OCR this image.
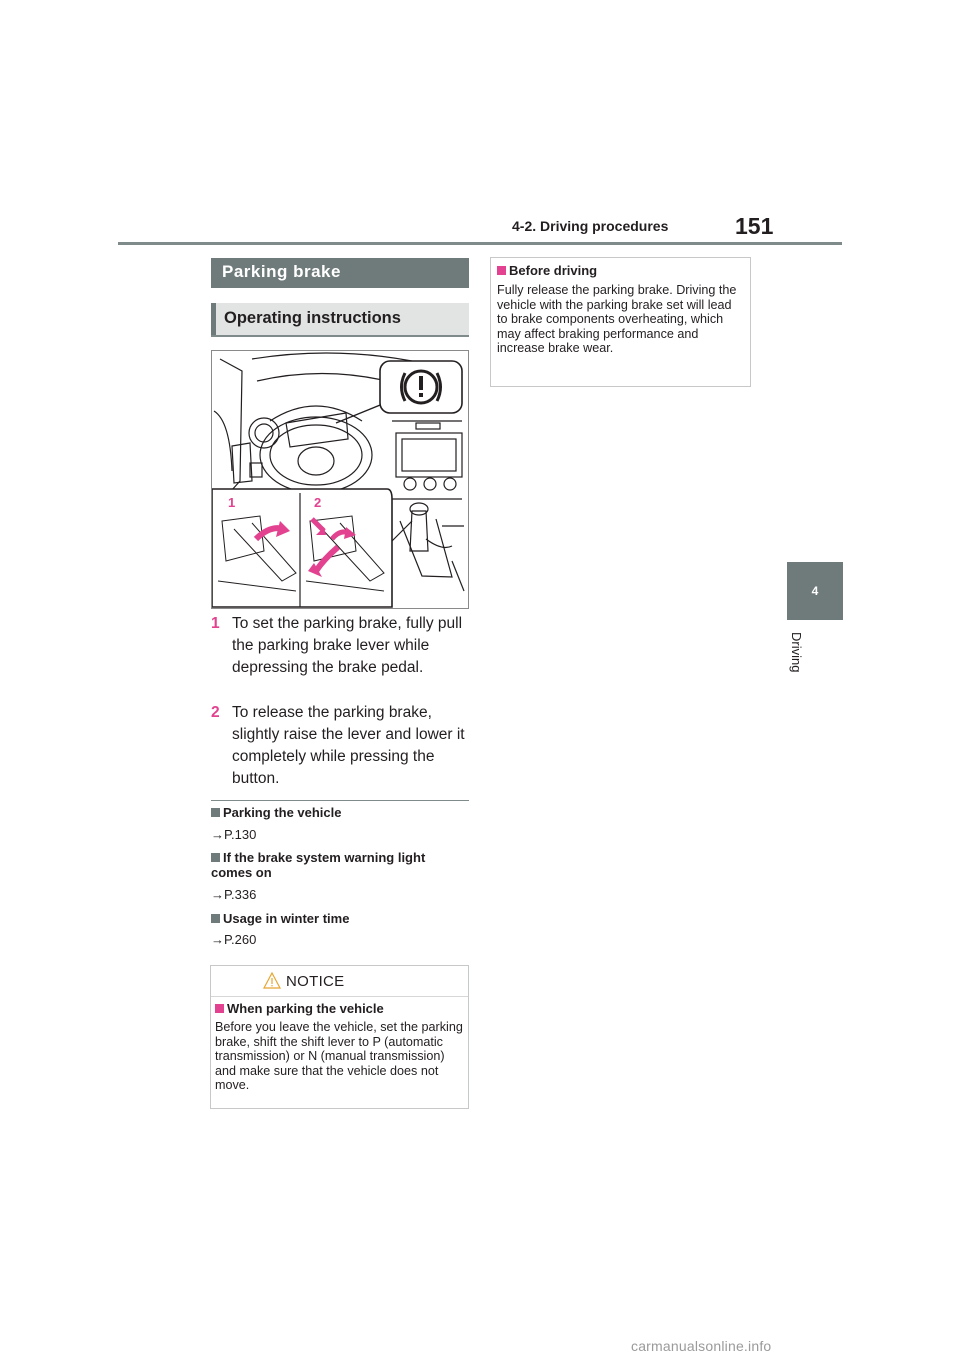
4-2. Driving procedures	151
4
Driving
Parking brake
Operating instructions
1	2
1 To set the parking brake, fully pull the parking brake lever while depressing the brake pedal.
2 To release the parking brake, slightly raise the lever and lower it completely while pressing the button.
Parking the vehicle
→P.130
If the brake system warning light comes on
→P.336
Usage in winter time
→P.260
NOTICE
When parking the vehicle
Before you leave the vehicle, set the parking brake, shift the shift lever to P (automatic transmission) or N (manual transmission) and make sure that the vehicle does not move.
Before driving
Fully release the parking brake. Driving the vehicle with the parking brake set will lead to brake components overheating, which may affect braking performance and increase brake wear.
carmanualsonline.info
